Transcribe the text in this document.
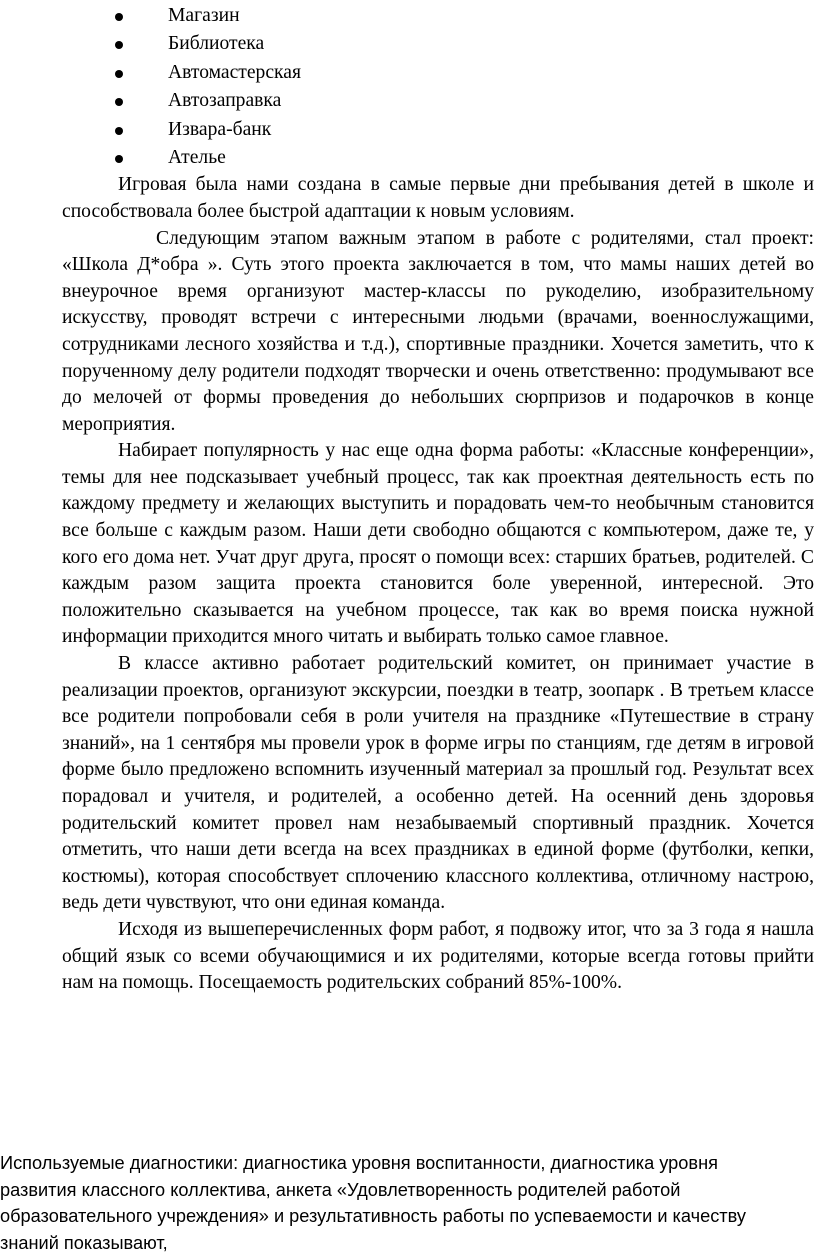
Магазин
Библиотека
Автомастерская
Автозаправка
Извара-банк
Ателье

Игровая была нами создана в самые первые дни пребывания детей в школе и способствовала более быстрой адаптации к новым условиям.

Следующим этапом важным этапом в работе с родителями, стал проект: «Школа Д*обра ». Суть этого проекта заключается в том, что мамы наших детей во внеурочное время организуют мастер-классы по рукоделию, изобразительному искусству, проводят встречи с интересными людьми (врачами, военнослужащими, сотрудниками лесного хозяйства и т.д.), спортивные праздники. Хочется заметить, что к порученному делу родители подходят творчески и очень ответственно: продумывают все до мелочей от формы проведения до небольших сюрпризов и подарочков в конце мероприятия.

Набирает популярность у нас еще одна форма работы: «Классные конференции», темы для нее подсказывает учебный процесс, так как проектная деятельность есть по каждому предмету и желающих выступить и порадовать чем-то необычным становится все больше с каждым разом. Наши дети свободно общаются с компьютером, даже те, у кого его дома нет. Учат друг друга, просят о помощи всех: старших братьев, родителей. С каждым разом защита проекта становится боле уверенной, интересной. Это положительно сказывается на учебном процессе, так как во время поиска нужной информации приходится много читать и выбирать только самое главное.

В классе активно работает родительский комитет, он принимает участие в реализации проектов, организуют экскурсии, поездки в театр, зоопарк . В третьем классе все родители попробовали себя в роли учителя на празднике «Путешествие в страну знаний», на 1 сентября мы провели урок в форме игры по станциям, где детям в игровой форме было предложено вспомнить изученный материал за прошлый год. Результат всех порадовал и учителя, и родителей, а особенно детей. На осенний день здоровья родительский комитет провел нам незабываемый спортивный праздник. Хочется отметить, что наши дети всегда на всех праздниках в единой форме (футболки, кепки, костюмы), которая способствует сплочению классного коллектива, отличному настрою, ведь дети чувствуют, что они единая команда.

Исходя из вышеперечисленных форм работ, я подвожу итог, что за 3 года я нашла общий язык со всеми обучающимися и их родителями, которые всегда готовы прийти нам на помощь. Посещаемость родительских собраний 85%-100%.

Используемые диагностики: диагностика уровня воспитанности, диагностика уровня развития классного коллектива, анкета «Удовлетворенность родителей работой образовательного учреждения» и результативность работы по успеваемости и качеству знаний показывают,
